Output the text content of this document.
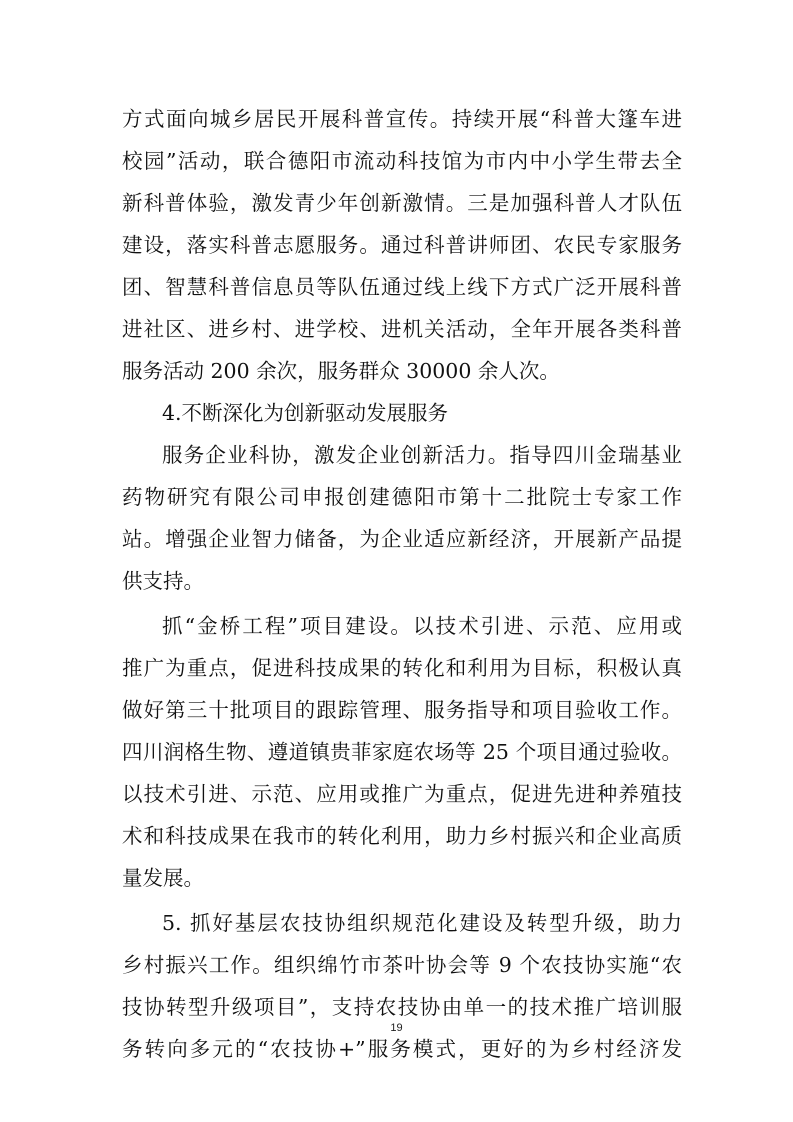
方式面向城乡居民开展科普宣传。持续开展“科普大篷车进
校园”活动，联合德阳市流动科技馆为市内中小学生带去全
新科普体验，激发青少年创新激情。三是加强科普人才队伍
建设，落实科普志愿服务。通过科普讲师团、农民专家服务
团、智慧科普信息员等队伍通过线上线下方式广泛开展科普
进社区、进乡村、进学校、进机关活动，全年开展各类科普
服务活动 200 余次，服务群众 30000 余人次。
4.不断深化为创新驱动发展服务
服务企业科协，激发企业创新活力。指导四川金瑞基业
药物研究有限公司申报创建德阳市第十二批院士专家工作
站。增强企业智力储备，为企业适应新经济，开展新产品提
供支持。
抓“金桥工程”项目建设。以技术引进、示范、应用或
推广为重点，促进科技成果的转化和利用为目标，积极认真
做好第三十批项目的跟踪管理、服务指导和项目验收工作。
四川润格生物、遵道镇贵菲家庭农场等 25 个项目通过验收。
以技术引进、示范、应用或推广为重点，促进先进种养殖技
术和科技成果在我市的转化利用，助力乡村振兴和企业高质
量发展。
5. 抓好基层农技协组织规范化建设及转型升级，助力
乡村振兴工作。组织绵竹市茶叶协会等 9 个农技协实施“农
技协转型升级项目”，支持农技协由单一的技术推广培训服
务转向多元的“农技协+”服务模式，更好的为乡村经济发
19
